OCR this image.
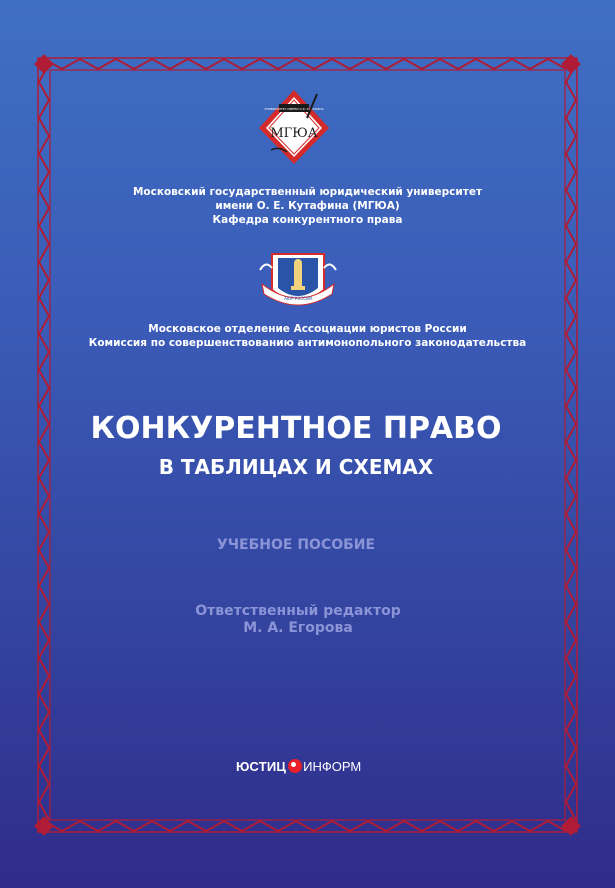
УНИВЕРСИТЕТ ИМЕНИ О.Е. КУТАФИНА
МГЮА
Московский государственный юридический университет
имени О. Е. Кутафина (МГЮА)
Кафедра конкурентного права
АЮР РОССИИ
Московское отделение Ассоциации юристов России
Комиссия по совершенствованию антимонопольного законодательства
КОНКУРЕНТНОЕ ПРАВО
В ТАБЛИЦАХ И СХЕМАХ
УЧЕБНОЕ ПОСОБИЕ
Ответственный редактор
М. А. Егорова
ЮСТИЦ ИНФОРМ
